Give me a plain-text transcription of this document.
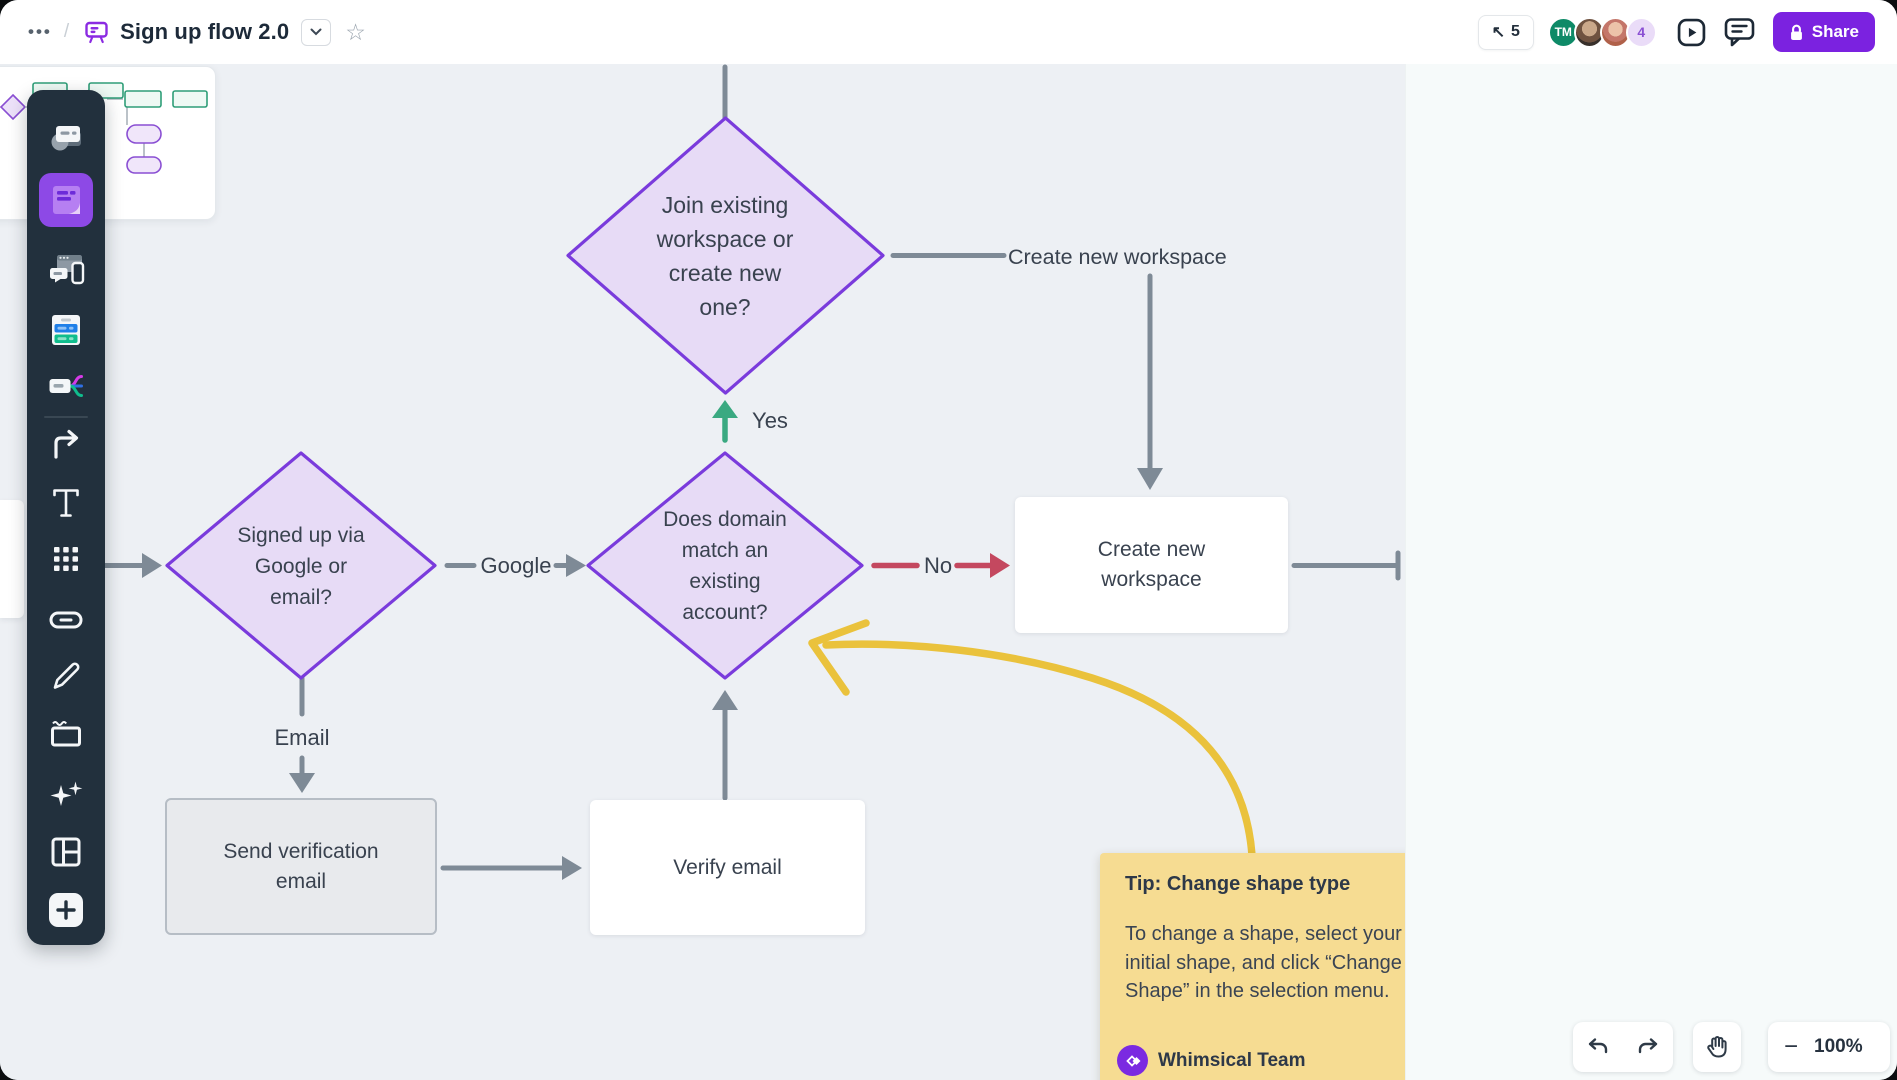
Create new
workspace
Send verification
email
Verify email
Join existing
workspace or
create new
one?
Signed up via
Google or
email?
Does domain
match an
existing
account?
Create new workspace
Yes
No
Google
Email
Tip: Change shape type
To change a shape, select your initial shape, and click “Change Shape” in the selection menu.
Whimsical Team
••• / Sign up flow 2.0 ☆	↖ 5	TM	4	Share
− 100%
